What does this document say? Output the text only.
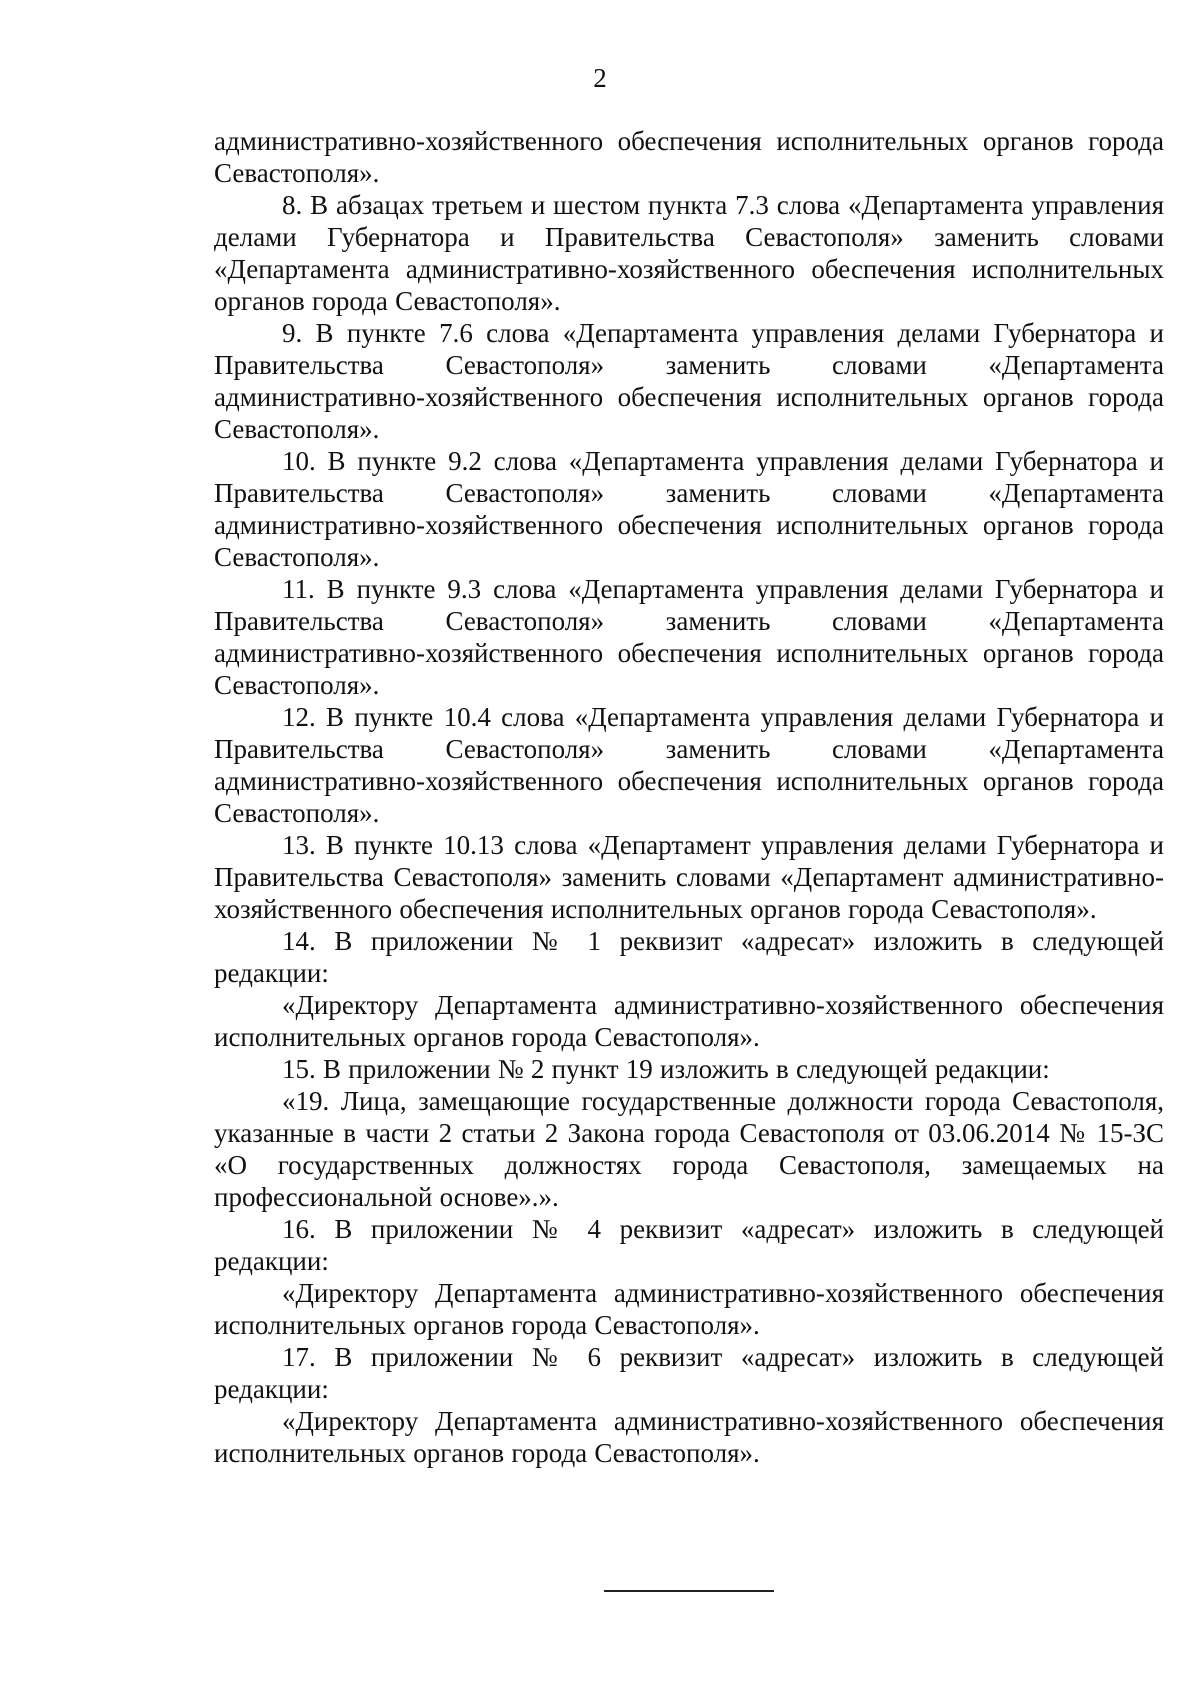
2

административно-хозяйственного обеспечения исполнительных органов города Севастополя».

8. В абзацах третьем и шестом пункта 7.3 слова «Департамента управления делами Губернатора и Правительства Севастополя» заменить словами «Департамента административно-хозяйственного обеспечения исполнительных органов города Севастополя».

9. В пункте 7.6 слова «Департамента управления делами Губернатора и Правительства Севастополя» заменить словами «Департамента административно-хозяйственного обеспечения исполнительных органов города Севастополя».

10. В пункте 9.2 слова «Департамента управления делами Губернатора и Правительства Севастополя» заменить словами «Департамента административно-хозяйственного обеспечения исполнительных органов города Севастополя».

11. В пункте 9.3 слова «Департамента управления делами Губернатора и Правительства Севастополя» заменить словами «Департамента административно-хозяйственного обеспечения исполнительных органов города Севастополя».

12. В пункте 10.4 слова «Департамента управления делами Губернатора и Правительства Севастополя» заменить словами «Департамента административно-хозяйственного обеспечения исполнительных органов города Севастополя».

13. В пункте 10.13 слова «Департамент управления делами Губернатора и Правительства Севастополя» заменить словами «Департамент административно-хозяйственного обеспечения исполнительных органов города Севастополя».

14. В приложении № 1 реквизит «адресат» изложить в следующей редакции:

«Директору Департамента административно-хозяйственного обеспечения исполнительных органов города Севастополя».

15. В приложении № 2 пункт 19 изложить в следующей редакции:

«19. Лица, замещающие государственные должности города Севастополя, указанные в части 2 статьи 2 Закона города Севастополя от 03.06.2014 № 15-ЗС «О государственных должностях города Севастополя, замещаемых на профессиональной основе».».

16. В приложении № 4 реквизит «адресат» изложить в следующей редакции:

«Директору Департамента административно-хозяйственного обеспечения исполнительных органов города Севастополя».

17. В приложении № 6 реквизит «адресат» изложить в следующей редакции:

«Директору Департамента административно-хозяйственного обеспечения исполнительных органов города Севастополя».
